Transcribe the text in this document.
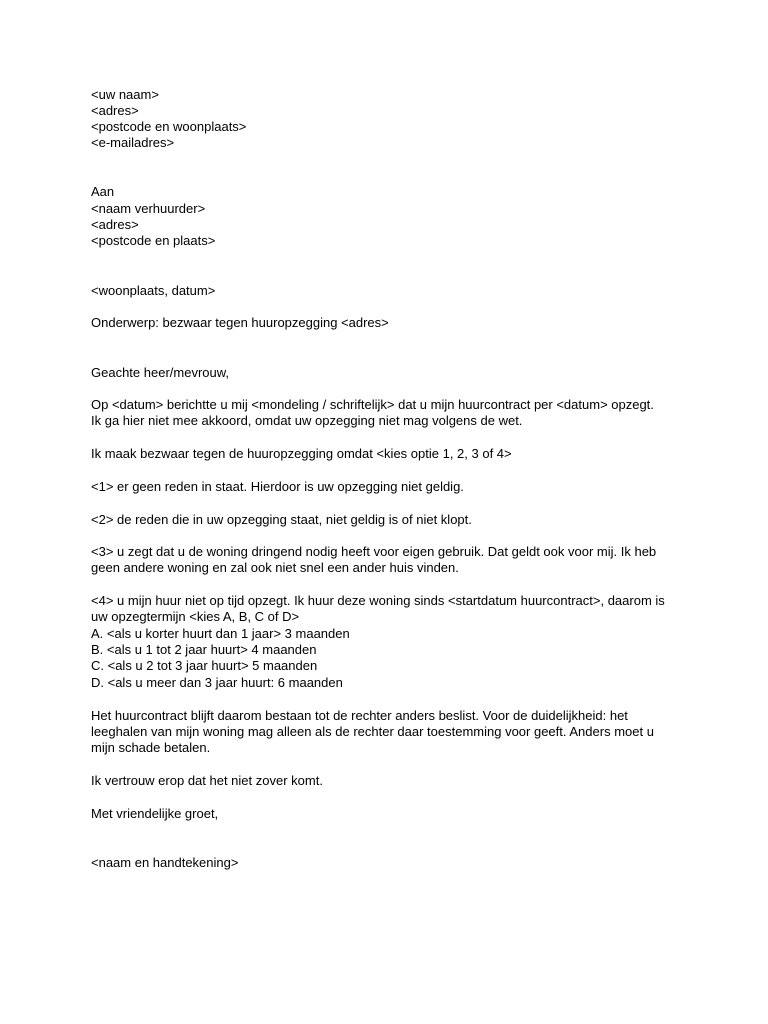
<uw naam>
<adres>
<postcode en woonplaats>
<e-mailadres>
Aan
<naam verhuurder>
<adres>
<postcode en plaats>
<woonplaats, datum>
Onderwerp: bezwaar tegen huuropzegging <adres>
Geachte heer/mevrouw,
Op <datum> berichtte u mij <mondeling / schriftelijk> dat u mijn huurcontract per <datum> opzegt.
Ik ga hier niet mee akkoord, omdat uw opzegging niet mag volgens de wet.
Ik maak bezwaar tegen de huuropzegging omdat <kies optie 1, 2, 3 of 4>
<1> er geen reden in staat. Hierdoor is uw opzegging niet geldig.
<2> de reden die in uw opzegging staat, niet geldig is of niet klopt.
<3> u zegt dat u de woning dringend nodig heeft voor eigen gebruik. Dat geldt ook voor mij. Ik heb
geen andere woning en zal ook niet snel een ander huis vinden.
<4> u mijn huur niet op tijd opzegt. Ik huur deze woning sinds <startdatum huurcontract>, daarom is
uw opzegtermijn <kies A, B, C of D>
A. <als u korter huurt dan 1 jaar> 3 maanden
B. <als u 1 tot 2 jaar huurt> 4 maanden
C. <als u 2 tot 3 jaar huurt> 5 maanden
D. <als u meer dan 3 jaar huurt: 6 maanden
Het huurcontract blijft daarom bestaan tot de rechter anders beslist. Voor de duidelijkheid: het
leeghalen van mijn woning mag alleen als de rechter daar toestemming voor geeft. Anders moet u
mijn schade betalen.
Ik vertrouw erop dat het niet zover komt.
Met vriendelijke groet,
<naam en handtekening>
